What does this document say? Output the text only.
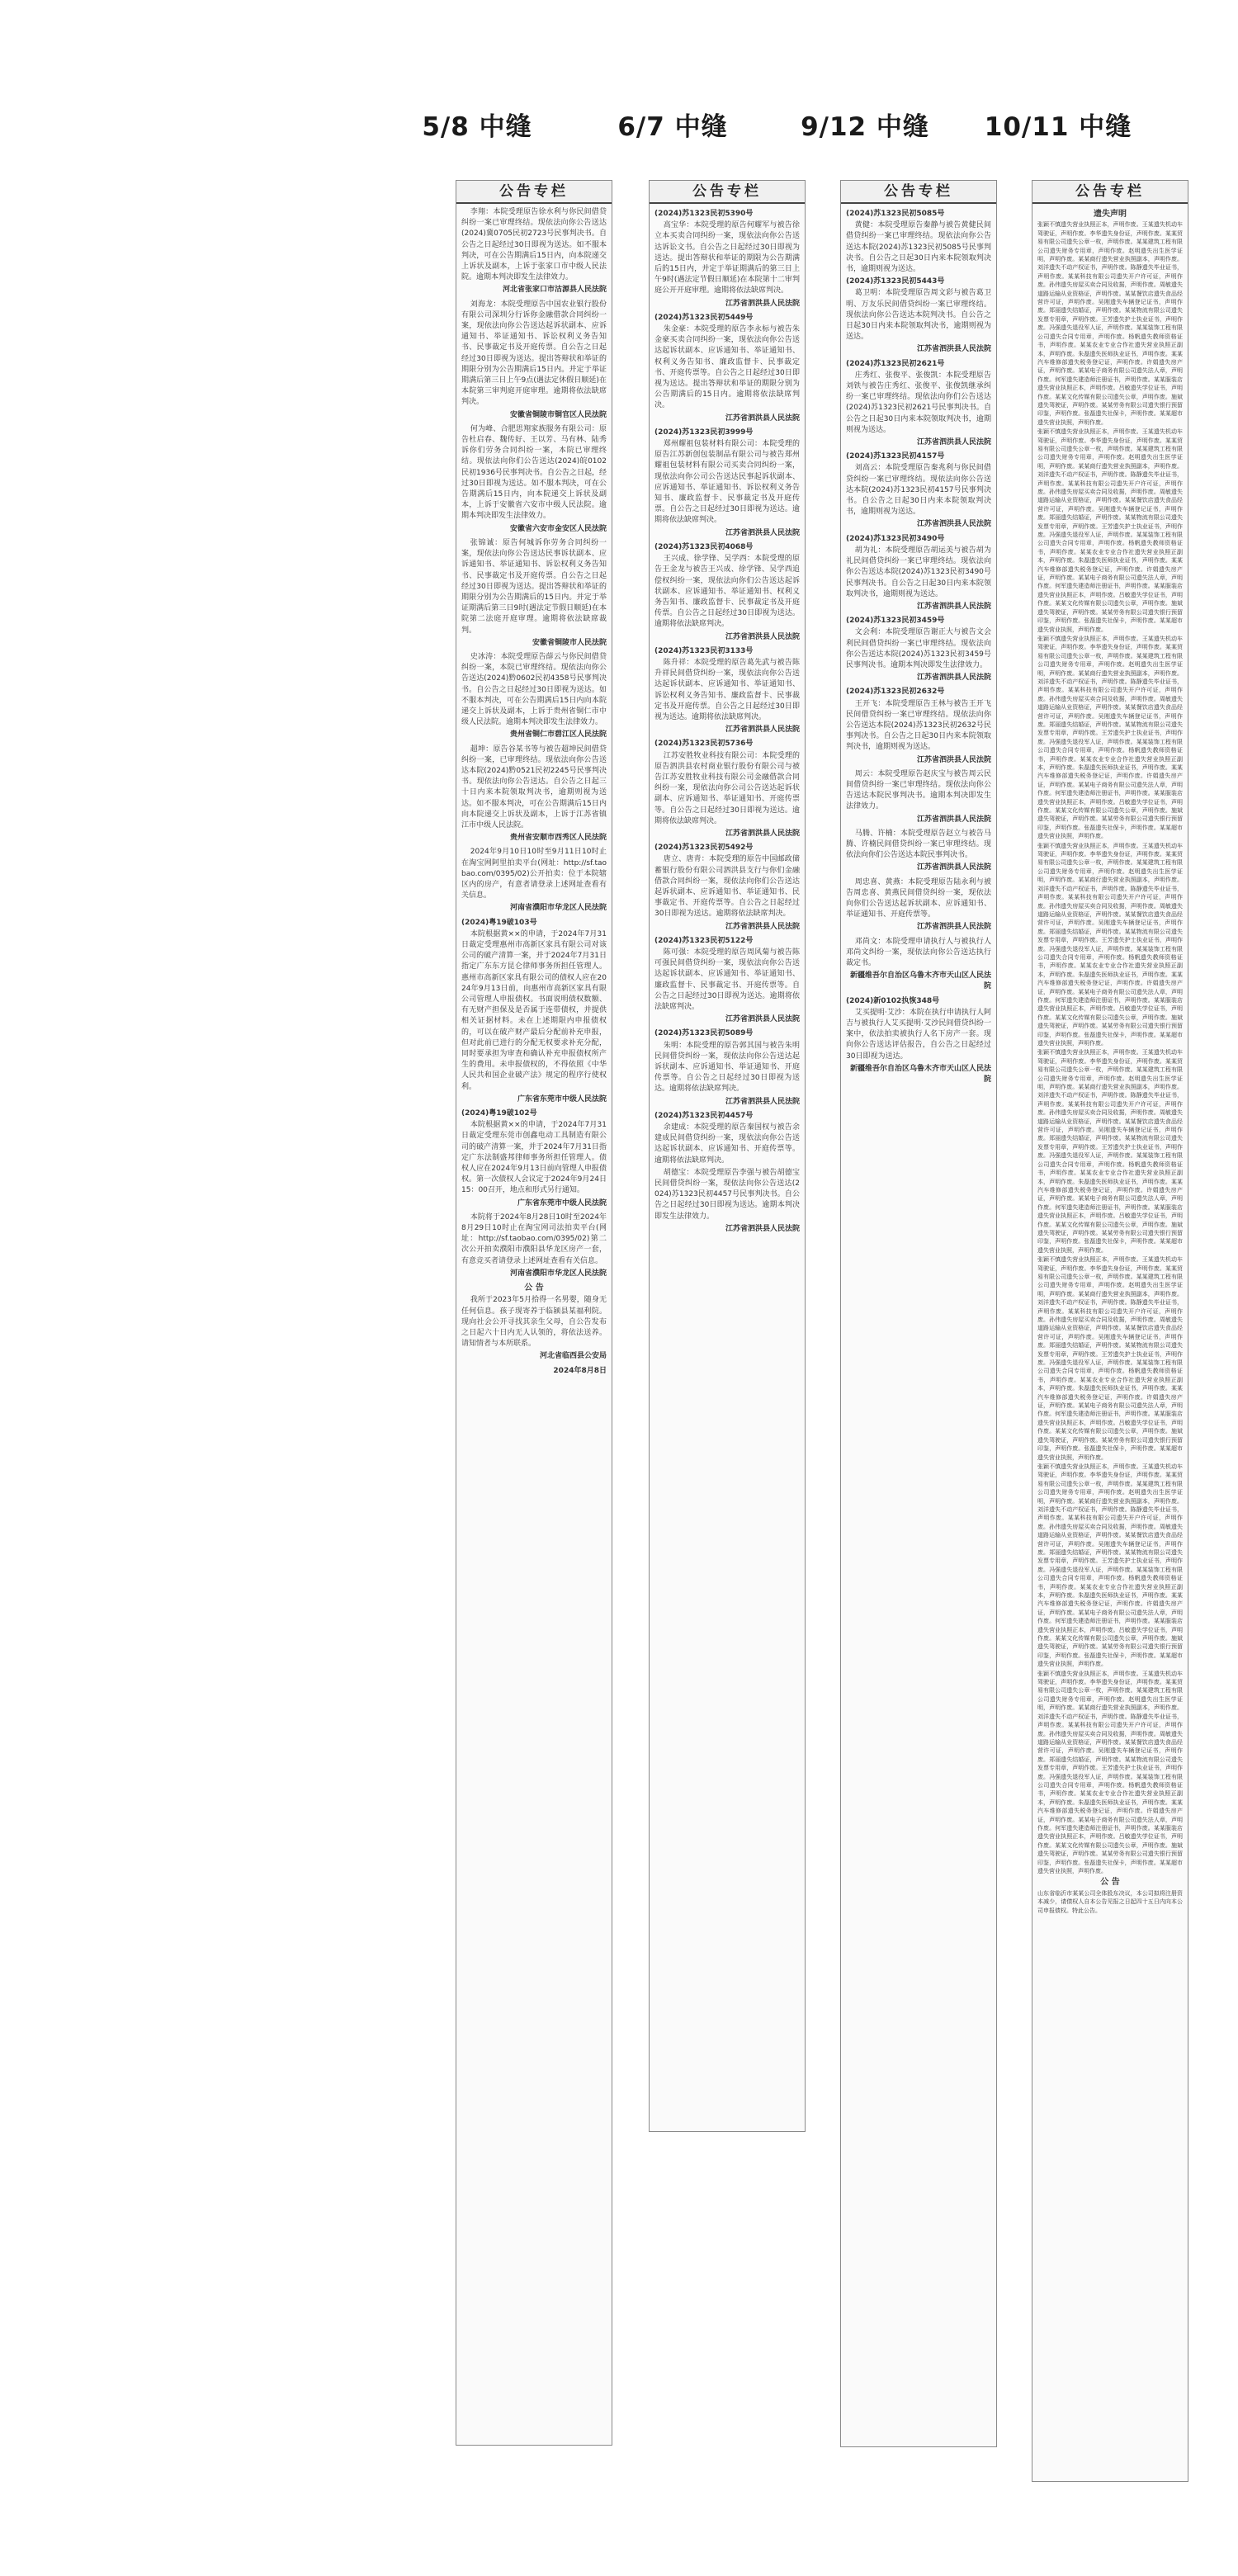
5/8 中缝	6/7 中缝	9/12 中缝	10/11 中缝
公告专栏

李翔：本院受理原告徐水利与你民间借贷纠纷一案已审理终结。现依法向你公告送达(2024)冀0705民初2723号民事判决书。自公告之日起经过30日即视为送达。如不服本判决，可在公告期满后15日内，向本院递交上诉状及副本，上诉于张家口市中级人民法院。逾期本判决即发生法律效力。

河北省张家口市沽源县人民法院

刘海龙：本院受理原告中国农业银行股份有限公司深圳分行诉你金融借款合同纠纷一案，现依法向你公告送达起诉状副本、应诉通知书、举证通知书、诉讼权利义务告知书、民事裁定书及开庭传票。自公告之日起经过30日即视为送达。提出答辩状和举证的期限分别为公告期满后15日内。并定于举证期满后第三日上午9点(遇法定休假日顺延)在本院第三审判庭开庭审理。逾期将依法缺席判决。

安徽省铜陵市铜官区人民法院

何为峰、合肥思翔家族服务有限公司：原告杜启春、魏传好、王以芳、马有林、陆秀诉你们劳务合同纠纷一案，本院已审理终结。现依法向你们公告送达(2024)皖0102民初1936号民事判决书。自公告之日起，经过30日即视为送达。如不服本判决，可在公告期满后15日内，向本院递交上诉状及副本，上诉于安徽省六安市中级人民法院。逾期本判决即发生法律效力。

安徽省六安市金安区人民法院

张锦诚：原告何城诉你劳务合同纠纷一案，现依法向你公告送达民事诉状副本、应诉通知书、举证通知书、诉讼权利义务告知书、民事裁定书及开庭传票。自公告之日起经过30日即视为送达。提出答辩状和举证的期限分别为公告期满后的15日内。并定于举证期满后第三日9时(遇法定节假日顺延)在本院第二法庭开庭审理。逾期将依法缺席裁判。

安徽省铜陵市人民法院

史冰涛：本院受理原告薛云与你民间借贷纠纷一案，本院已审理终结。现依法向你公告送达(2024)黔0602民初4358号民事判决书。自公告之日起经过30日即视为送达。如不服本判决，可在公告期满后15日内向本院递交上诉状及副本，上诉于贵州省铜仁市中级人民法院。逾期本判决即发生法律效力。

贵州省铜仁市碧江区人民法院

超坤：原告谷某书等与被告超坤民间借贷纠纷一案，已审理终结。现依法向你公告送达本院(2024)黔0521民初2245号民事判决书。现依法向你公告送达。自公告之日起三十日内来本院领取判决书，逾期则视为送达。如不服本判决，可在公告期满后15日内向本院递交上诉状及副本，上诉于江苏省镇江市中级人民法院。

贵州省安顺市西秀区人民法院

2024年9月10日10时至9月11日10时止在淘宝网阿里拍卖平台(网址：http://sf.taobao.com/0395/02)公开拍卖：位于本院辖区内的房产，有意者请登录上述网址查看有关信息。

河南省濮阳市华龙区人民法院
(2024)粤19破103号

本院根据黄××的申请，于2024年7月31日裁定受理惠州市高新区家具有限公司对该公司的破产清算一案，并于2024年7月31日指定广东东方昆仑律师事务所担任管理人。惠州市高新区家具有限公司的债权人应在2024年9月13日前，向惠州市高新区家具有限公司管理人申报债权。书面说明债权数额、有无财产担保及是否属于连带债权，并提供相关证据材料。未在上述期限内申报债权的，可以在破产财产最后分配前补充申报，但对此前已进行的分配无权要求补充分配，同时要承担为审查和确认补充申报债权所产生的费用。未申报债权的，不得依照《中华人民共和国企业破产法》规定的程序行使权利。

广东省东莞市中级人民法院
(2024)粤19破102号

本院根据黄××的申请，于2024年7月31日裁定受理东莞市创鑫电动工具制造有限公司的破产清算一案，并于2024年7月31日指定广东法制盛邦律师事务所担任管理人。债权人应在2024年9月13日前向管理人申报债权。第一次债权人会议定于2024年9月24日15：00召开，地点和形式另行通知。

广东省东莞市中级人民法院

本院将于2024年8月28日10时至2024年8月29日10时止在淘宝网司法拍卖平台(网址：http://sf.taobao.com/0395/02)第二次公开拍卖濮阳市濮阳县华龙区房产一套，有意竞买者请登录上述网址查看有关信息。

河南省濮阳市华龙区人民法院
公 告

我所于2023年5月拾得一名男婴，随身无任何信息。孩子现寄养于临颍县某福利院。现向社会公开寻找其亲生父母，自公告发布之日起六十日内无人认领的，将依法送养。请知情者与本所联系。

河北省临西县公安局
2024年8月8日
公告专栏
(2024)苏1323民初5390号

高宝华：本院受理的原告何耀军与被告徐立本买卖合同纠纷一案，现依法向你公告送达诉讼文书。自公告之日起经过30日即视为送达。提出答辩状和举证的期限为公告期满后的15日内，并定于举证期满后的第三日上午9时(遇法定节假日顺延)在本院第十二审判庭公开开庭审理。逾期将依法缺席判决。

江苏省泗洪县人民法院
(2024)苏1323民初5449号

朱金豪：本院受理的原告李永标与被告朱金豪买卖合同纠纷一案，现依法向你公告送达起诉状副本、应诉通知书、举证通知书、权利义务告知书、廉政监督卡、民事裁定书、开庭传票等。自公告之日起经过30日即视为送达。提出答辩状和举证的期限分别为公告期满后的15日内。逾期将依法缺席判决。

江苏省泗洪县人民法院
(2024)苏1323民初3999号

郑州耀祖包装材料有限公司：本院受理的原告江苏新创包装制品有限公司与被告郑州耀祖包装材料有限公司买卖合同纠纷一案，现依法向你公司公告送达民事起诉状副本、应诉通知书、举证通知书、诉讼权利义务告知书、廉政监督卡、民事裁定书及开庭传票。自公告之日起经过30日即视为送达。逾期将依法缺席判决。

江苏省泗洪县人民法院
(2024)苏1323民初4068号

王兴成、徐学锋、吴学西：本院受理的原告王金龙与被告王兴成、徐学锋、吴学西追偿权纠纷一案，现依法向你们公告送达起诉状副本、应诉通知书、举证通知书、权利义务告知书、廉政监督卡、民事裁定书及开庭传票。自公告之日起经过30日即视为送达。逾期将依法缺席判决。

江苏省泗洪县人民法院
(2024)苏1323民初3133号

陈升祥：本院受理的原告葛先武与被告陈升祥民间借贷纠纷一案，现依法向你公告送达起诉状副本、应诉通知书、举证通知书、诉讼权利义务告知书、廉政监督卡、民事裁定书及开庭传票。自公告之日起经过30日即视为送达。逾期将依法缺席判决。

江苏省泗洪县人民法院
(2024)苏1323民初5736号

江苏安胜牧业科技有限公司：本院受理的原告泗洪县农村商业银行股份有限公司与被告江苏安胜牧业科技有限公司金融借款合同纠纷一案，现依法向你公司公告送达起诉状副本、应诉通知书、举证通知书、开庭传票等。自公告之日起经过30日即视为送达。逾期将依法缺席判决。

江苏省泗洪县人民法院
(2024)苏1323民初5492号

唐立、唐青：本院受理的原告中国邮政储蓄银行股份有限公司泗洪县支行与你们金融借款合同纠纷一案，现依法向你们公告送达起诉状副本、应诉通知书、举证通知书、民事裁定书、开庭传票等。自公告之日起经过30日即视为送达。逾期将依法缺席判决。

江苏省泗洪县人民法院
(2024)苏1323民初5122号

陈可强：本院受理的原告周风菊与被告陈可强民间借贷纠纷一案，现依法向你公告送达起诉状副本、应诉通知书、举证通知书、廉政监督卡、民事裁定书、开庭传票等。自公告之日起经过30日即视为送达。逾期将依法缺席判决。

江苏省泗洪县人民法院
(2024)苏1323民初5089号

朱明：本院受理的原告郭其国与被告朱明民间借贷纠纷一案，现依法向你公告送达起诉状副本、应诉通知书、举证通知书、开庭传票等。自公告之日起经过30日即视为送达。逾期将依法缺席判决。

江苏省泗洪县人民法院
(2024)苏1323民初4457号

余建成：本院受理的原告秦国权与被告余建成民间借贷纠纷一案，现依法向你公告送达起诉状副本、应诉通知书、开庭传票等。逾期将依法缺席判决。

胡德宝：本院受理原告李强与被告胡德宝民间借贷纠纷一案，现依法向你公告送达(2024)苏1323民初4457号民事判决书。自公告之日起经过30日即视为送达。逾期本判决即发生法律效力。

江苏省泗洪县人民法院
公告专栏
(2024)苏1323民初5085号

黄健：本院受理原告秦静与被告黄健民间借贷纠纷一案已审理终结。现依法向你公告送达本院(2024)苏1323民初5085号民事判决书。自公告之日起30日内来本院领取判决书，逾期则视为送达。

(2024)苏1323民初5443号

葛卫明：本院受理原告周文彩与被告葛卫明、万友乐民间借贷纠纷一案已审理终结。现依法向你公告送达本院判决书。自公告之日起30日内来本院领取判决书，逾期则视为送达。

江苏省泗洪县人民法院
(2024)苏1323民初2621号

庄秀红、张俊平、张俊凯：本院受理原告刘铁与被告庄秀红、张俊平、张俊凯继承纠纷一案已审理终结。现依法向你们公告送达(2024)苏1323民初2621号民事判决书。自公告之日起30日内来本院领取判决书，逾期则视为送达。

江苏省泗洪县人民法院
(2024)苏1323民初4157号

刘高云：本院受理原告秦兆利与你民间借贷纠纷一案已审理终结。现依法向你公告送达本院(2024)苏1323民初4157号民事判决书。自公告之日起30日内来本院领取判决书，逾期则视为送达。

江苏省泗洪县人民法院
(2024)苏1323民初3490号

胡为礼：本院受理原告胡运美与被告胡为礼民间借贷纠纷一案已审理终结。现依法向你公告送达本院(2024)苏1323民初3490号民事判决书。自公告之日起30日内来本院领取判决书，逾期则视为送达。

江苏省泗洪县人民法院
(2024)苏1323民初3459号

文会利：本院受理原告谢正大与被告文会利民间借贷纠纷一案已审理终结。现依法向你公告送达本院(2024)苏1323民初3459号民事判决书。逾期本判决即发生法律效力。

江苏省泗洪县人民法院
(2024)苏1323民初2632号

王开飞：本院受理原告王林与被告王开飞民间借贷纠纷一案已审理终结。现依法向你公告送达本院(2024)苏1323民初2632号民事判决书。自公告之日起30日内来本院领取判决书，逾期则视为送达。

江苏省泗洪县人民法院

周云：本院受理原告赵庆宝与被告周云民间借贷纠纷一案已审理终结。现依法向你公告送达本院民事判决书。逾期本判决即发生法律效力。

江苏省泗洪县人民法院

马腾、许楠：本院受理原告赵立与被告马腾、许楠民间借贷纠纷一案已审理终结。现依法向你们公告送达本院民事判决书。

江苏省泗洪县人民法院

周忠喜、黄燕：本院受理原告陆永利与被告周忠喜、黄燕民间借贷纠纷一案，现依法向你们公告送达起诉状副本、应诉通知书、举证通知书、开庭传票等。

江苏省泗洪县人民法院

邓尚文：本院受理申请执行人与被执行人邓尚文纠纷一案，现依法向你公告送达执行裁定书。

新疆维吾尔自治区乌鲁木齐市天山区人民法院
(2024)新0102执恢348号

艾买提明·艾沙：本院在执行申请执行人阿吉与被执行人艾买提明·艾沙民间借贷纠纷一案中，依法拍卖被执行人名下房产一套。现向你公告送达评估报告，自公告之日起经过30日即视为送达。

新疆维吾尔自治区乌鲁木齐市天山区人民法院
公告专栏
遗失声明

张颖不慎遗失营业执照正本，声明作废。王某遗失机动车驾驶证，声明作废。李华遗失身份证，声明作废。某某贸易有限公司遗失公章一枚，声明作废。某某建筑工程有限公司遗失财务专用章，声明作废。赵明遗失出生医学证明，声明作废。某某商行遗失营业执照副本，声明作废。刘洋遗失不动产权证书，声明作废。陈静遗失毕业证书，声明作废。某某科技有限公司遗失开户许可证，声明作废。孙伟遗失房屋买卖合同及收据，声明作废。周敏遗失道路运输从业资格证，声明作废。某某餐饮店遗失食品经营许可证，声明作废。吴刚遗失车辆登记证书，声明作废。郑丽遗失结婚证，声明作废。某某物流有限公司遗失发票专用章，声明作废。王芳遗失护士执业证书，声明作废。冯强遗失退役军人证，声明作废。某某装饰工程有限公司遗失合同专用章，声明作废。杨帆遗失教师资格证书，声明作废。某某农业专业合作社遗失营业执照正副本，声明作废。朱磊遗失医师执业证书，声明作废。某某汽车维修部遗失税务登记证，声明作废。许娟遗失房产证，声明作废。某某电子商务有限公司遗失法人章，声明作废。何军遗失建造师注册证书，声明作废。某某服装店遗失营业执照正本，声明作废。吕敏遗失学位证书，声明作废。某某文化传媒有限公司遗失公章，声明作废。施斌遗失驾驶证，声明作废。某某劳务有限公司遗失银行预留印鉴，声明作废。张磊遗失社保卡，声明作废。某某超市遗失营业执照，声明作废。

张颖不慎遗失营业执照正本，声明作废。王某遗失机动车驾驶证，声明作废。李华遗失身份证，声明作废。某某贸易有限公司遗失公章一枚，声明作废。某某建筑工程有限公司遗失财务专用章，声明作废。赵明遗失出生医学证明，声明作废。某某商行遗失营业执照副本，声明作废。刘洋遗失不动产权证书，声明作废。陈静遗失毕业证书，声明作废。某某科技有限公司遗失开户许可证，声明作废。孙伟遗失房屋买卖合同及收据，声明作废。周敏遗失道路运输从业资格证，声明作废。某某餐饮店遗失食品经营许可证，声明作废。吴刚遗失车辆登记证书，声明作废。郑丽遗失结婚证，声明作废。某某物流有限公司遗失发票专用章，声明作废。王芳遗失护士执业证书，声明作废。冯强遗失退役军人证，声明作废。某某装饰工程有限公司遗失合同专用章，声明作废。杨帆遗失教师资格证书，声明作废。某某农业专业合作社遗失营业执照正副本，声明作废。朱磊遗失医师执业证书，声明作废。某某汽车维修部遗失税务登记证，声明作废。许娟遗失房产证，声明作废。某某电子商务有限公司遗失法人章，声明作废。何军遗失建造师注册证书，声明作废。某某服装店遗失营业执照正本，声明作废。吕敏遗失学位证书，声明作废。某某文化传媒有限公司遗失公章，声明作废。施斌遗失驾驶证，声明作废。某某劳务有限公司遗失银行预留印鉴，声明作废。张磊遗失社保卡，声明作废。某某超市遗失营业执照，声明作废。

张颖不慎遗失营业执照正本，声明作废。王某遗失机动车驾驶证，声明作废。李华遗失身份证，声明作废。某某贸易有限公司遗失公章一枚，声明作废。某某建筑工程有限公司遗失财务专用章，声明作废。赵明遗失出生医学证明，声明作废。某某商行遗失营业执照副本，声明作废。刘洋遗失不动产权证书，声明作废。陈静遗失毕业证书，声明作废。某某科技有限公司遗失开户许可证，声明作废。孙伟遗失房屋买卖合同及收据，声明作废。周敏遗失道路运输从业资格证，声明作废。某某餐饮店遗失食品经营许可证，声明作废。吴刚遗失车辆登记证书，声明作废。郑丽遗失结婚证，声明作废。某某物流有限公司遗失发票专用章，声明作废。王芳遗失护士执业证书，声明作废。冯强遗失退役军人证，声明作废。某某装饰工程有限公司遗失合同专用章，声明作废。杨帆遗失教师资格证书，声明作废。某某农业专业合作社遗失营业执照正副本，声明作废。朱磊遗失医师执业证书，声明作废。某某汽车维修部遗失税务登记证，声明作废。许娟遗失房产证，声明作废。某某电子商务有限公司遗失法人章，声明作废。何军遗失建造师注册证书，声明作废。某某服装店遗失营业执照正本，声明作废。吕敏遗失学位证书，声明作废。某某文化传媒有限公司遗失公章，声明作废。施斌遗失驾驶证，声明作废。某某劳务有限公司遗失银行预留印鉴，声明作废。张磊遗失社保卡，声明作废。某某超市遗失营业执照，声明作废。

张颖不慎遗失营业执照正本，声明作废。王某遗失机动车驾驶证，声明作废。李华遗失身份证，声明作废。某某贸易有限公司遗失公章一枚，声明作废。某某建筑工程有限公司遗失财务专用章，声明作废。赵明遗失出生医学证明，声明作废。某某商行遗失营业执照副本，声明作废。刘洋遗失不动产权证书，声明作废。陈静遗失毕业证书，声明作废。某某科技有限公司遗失开户许可证，声明作废。孙伟遗失房屋买卖合同及收据，声明作废。周敏遗失道路运输从业资格证，声明作废。某某餐饮店遗失食品经营许可证，声明作废。吴刚遗失车辆登记证书，声明作废。郑丽遗失结婚证，声明作废。某某物流有限公司遗失发票专用章，声明作废。王芳遗失护士执业证书，声明作废。冯强遗失退役军人证，声明作废。某某装饰工程有限公司遗失合同专用章，声明作废。杨帆遗失教师资格证书，声明作废。某某农业专业合作社遗失营业执照正副本，声明作废。朱磊遗失医师执业证书，声明作废。某某汽车维修部遗失税务登记证，声明作废。许娟遗失房产证，声明作废。某某电子商务有限公司遗失法人章，声明作废。何军遗失建造师注册证书，声明作废。某某服装店遗失营业执照正本，声明作废。吕敏遗失学位证书，声明作废。某某文化传媒有限公司遗失公章，声明作废。施斌遗失驾驶证，声明作废。某某劳务有限公司遗失银行预留印鉴，声明作废。张磊遗失社保卡，声明作废。某某超市遗失营业执照，声明作废。

张颖不慎遗失营业执照正本，声明作废。王某遗失机动车驾驶证，声明作废。李华遗失身份证，声明作废。某某贸易有限公司遗失公章一枚，声明作废。某某建筑工程有限公司遗失财务专用章，声明作废。赵明遗失出生医学证明，声明作废。某某商行遗失营业执照副本，声明作废。刘洋遗失不动产权证书，声明作废。陈静遗失毕业证书，声明作废。某某科技有限公司遗失开户许可证，声明作废。孙伟遗失房屋买卖合同及收据，声明作废。周敏遗失道路运输从业资格证，声明作废。某某餐饮店遗失食品经营许可证，声明作废。吴刚遗失车辆登记证书，声明作废。郑丽遗失结婚证，声明作废。某某物流有限公司遗失发票专用章，声明作废。王芳遗失护士执业证书，声明作废。冯强遗失退役军人证，声明作废。某某装饰工程有限公司遗失合同专用章，声明作废。杨帆遗失教师资格证书，声明作废。某某农业专业合作社遗失营业执照正副本，声明作废。朱磊遗失医师执业证书，声明作废。某某汽车维修部遗失税务登记证，声明作废。许娟遗失房产证，声明作废。某某电子商务有限公司遗失法人章，声明作废。何军遗失建造师注册证书，声明作废。某某服装店遗失营业执照正本，声明作废。吕敏遗失学位证书，声明作废。某某文化传媒有限公司遗失公章，声明作废。施斌遗失驾驶证，声明作废。某某劳务有限公司遗失银行预留印鉴，声明作废。张磊遗失社保卡，声明作废。某某超市遗失营业执照，声明作废。

张颖不慎遗失营业执照正本，声明作废。王某遗失机动车驾驶证，声明作废。李华遗失身份证，声明作废。某某贸易有限公司遗失公章一枚，声明作废。某某建筑工程有限公司遗失财务专用章，声明作废。赵明遗失出生医学证明，声明作废。某某商行遗失营业执照副本，声明作废。刘洋遗失不动产权证书，声明作废。陈静遗失毕业证书，声明作废。某某科技有限公司遗失开户许可证，声明作废。孙伟遗失房屋买卖合同及收据，声明作废。周敏遗失道路运输从业资格证，声明作废。某某餐饮店遗失食品经营许可证，声明作废。吴刚遗失车辆登记证书，声明作废。郑丽遗失结婚证，声明作废。某某物流有限公司遗失发票专用章，声明作废。王芳遗失护士执业证书，声明作废。冯强遗失退役军人证，声明作废。某某装饰工程有限公司遗失合同专用章，声明作废。杨帆遗失教师资格证书，声明作废。某某农业专业合作社遗失营业执照正副本，声明作废。朱磊遗失医师执业证书，声明作废。某某汽车维修部遗失税务登记证，声明作废。许娟遗失房产证，声明作废。某某电子商务有限公司遗失法人章，声明作废。何军遗失建造师注册证书，声明作废。某某服装店遗失营业执照正本，声明作废。吕敏遗失学位证书，声明作废。某某文化传媒有限公司遗失公章，声明作废。施斌遗失驾驶证，声明作废。某某劳务有限公司遗失银行预留印鉴，声明作废。张磊遗失社保卡，声明作废。某某超市遗失营业执照，声明作废。

张颖不慎遗失营业执照正本，声明作废。王某遗失机动车驾驶证，声明作废。李华遗失身份证，声明作废。某某贸易有限公司遗失公章一枚，声明作废。某某建筑工程有限公司遗失财务专用章，声明作废。赵明遗失出生医学证明，声明作废。某某商行遗失营业执照副本，声明作废。刘洋遗失不动产权证书，声明作废。陈静遗失毕业证书，声明作废。某某科技有限公司遗失开户许可证，声明作废。孙伟遗失房屋买卖合同及收据，声明作废。周敏遗失道路运输从业资格证，声明作废。某某餐饮店遗失食品经营许可证，声明作废。吴刚遗失车辆登记证书，声明作废。郑丽遗失结婚证，声明作废。某某物流有限公司遗失发票专用章，声明作废。王芳遗失护士执业证书，声明作废。冯强遗失退役军人证，声明作废。某某装饰工程有限公司遗失合同专用章，声明作废。杨帆遗失教师资格证书，声明作废。某某农业专业合作社遗失营业执照正副本，声明作废。朱磊遗失医师执业证书，声明作废。某某汽车维修部遗失税务登记证，声明作废。许娟遗失房产证，声明作废。某某电子商务有限公司遗失法人章，声明作废。何军遗失建造师注册证书，声明作废。某某服装店遗失营业执照正本，声明作废。吕敏遗失学位证书，声明作废。某某文化传媒有限公司遗失公章，声明作废。施斌遗失驾驶证，声明作废。某某劳务有限公司遗失银行预留印鉴，声明作废。张磊遗失社保卡，声明作废。某某超市遗失营业执照，声明作废。

张颖不慎遗失营业执照正本，声明作废。王某遗失机动车驾驶证，声明作废。李华遗失身份证，声明作废。某某贸易有限公司遗失公章一枚，声明作废。某某建筑工程有限公司遗失财务专用章，声明作废。赵明遗失出生医学证明，声明作废。某某商行遗失营业执照副本，声明作废。刘洋遗失不动产权证书，声明作废。陈静遗失毕业证书，声明作废。某某科技有限公司遗失开户许可证，声明作废。孙伟遗失房屋买卖合同及收据，声明作废。周敏遗失道路运输从业资格证，声明作废。某某餐饮店遗失食品经营许可证，声明作废。吴刚遗失车辆登记证书，声明作废。郑丽遗失结婚证，声明作废。某某物流有限公司遗失发票专用章，声明作废。王芳遗失护士执业证书，声明作废。冯强遗失退役军人证，声明作废。某某装饰工程有限公司遗失合同专用章，声明作废。杨帆遗失教师资格证书，声明作废。某某农业专业合作社遗失营业执照正副本，声明作废。朱磊遗失医师执业证书，声明作废。某某汽车维修部遗失税务登记证，声明作废。许娟遗失房产证，声明作废。某某电子商务有限公司遗失法人章，声明作废。何军遗失建造师注册证书，声明作废。某某服装店遗失营业执照正本，声明作废。吕敏遗失学位证书，声明作废。某某文化传媒有限公司遗失公章，声明作废。施斌遗失驾驶证，声明作废。某某劳务有限公司遗失银行预留印鉴，声明作废。张磊遗失社保卡，声明作废。某某超市遗失营业执照，声明作废。

公 告

山东省临沂市某某公司全体股东决议，本公司拟将注册资本减少，请债权人自本公告见报之日起四十五日内向本公司申报债权。特此公告。
